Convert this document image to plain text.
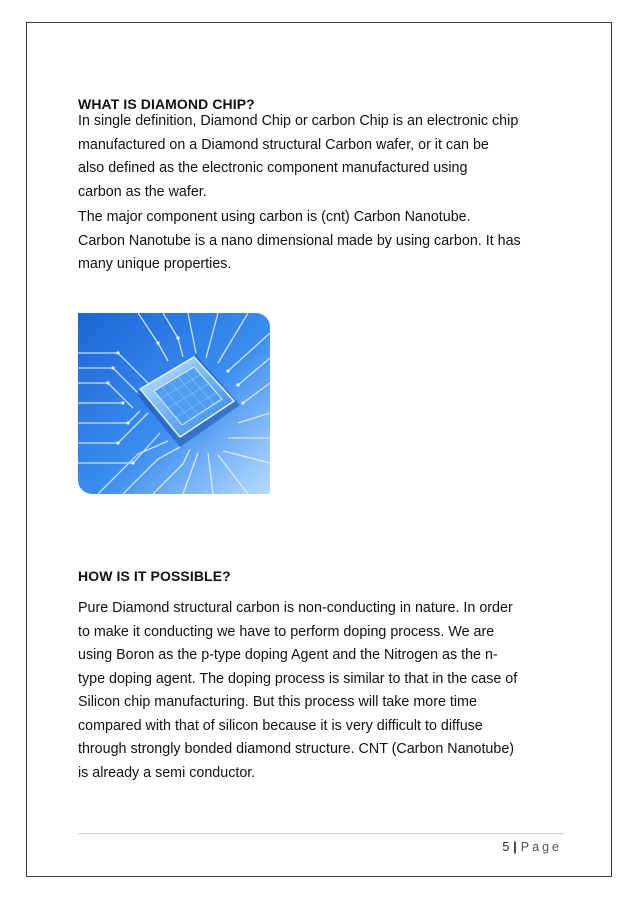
WHAT IS DIAMOND CHIP?
In single definition, Diamond Chip or carbon Chip is an electronic chip
manufactured on a Diamond structural Carbon wafer, or it can be
also defined as the electronic component manufactured using
carbon as the wafer.
The major component using carbon is (cnt) Carbon Nanotube.
Carbon Nanotube is a nano dimensional made by using carbon. It has
many unique properties.
HOW IS IT POSSIBLE?
Pure Diamond structural carbon is non-conducting in nature. In order
to make it conducting we have to perform doping process. We are
using Boron as the p-type doping Agent and the Nitrogen as the n-
type doping agent. The doping process is similar to that in the case of
Silicon chip manufacturing. But this process will take more time
compared with that of silicon because it is very difficult to diffuse
through strongly bonded diamond structure. CNT (Carbon Nanotube)
is already a semi conductor.
5 | Page
